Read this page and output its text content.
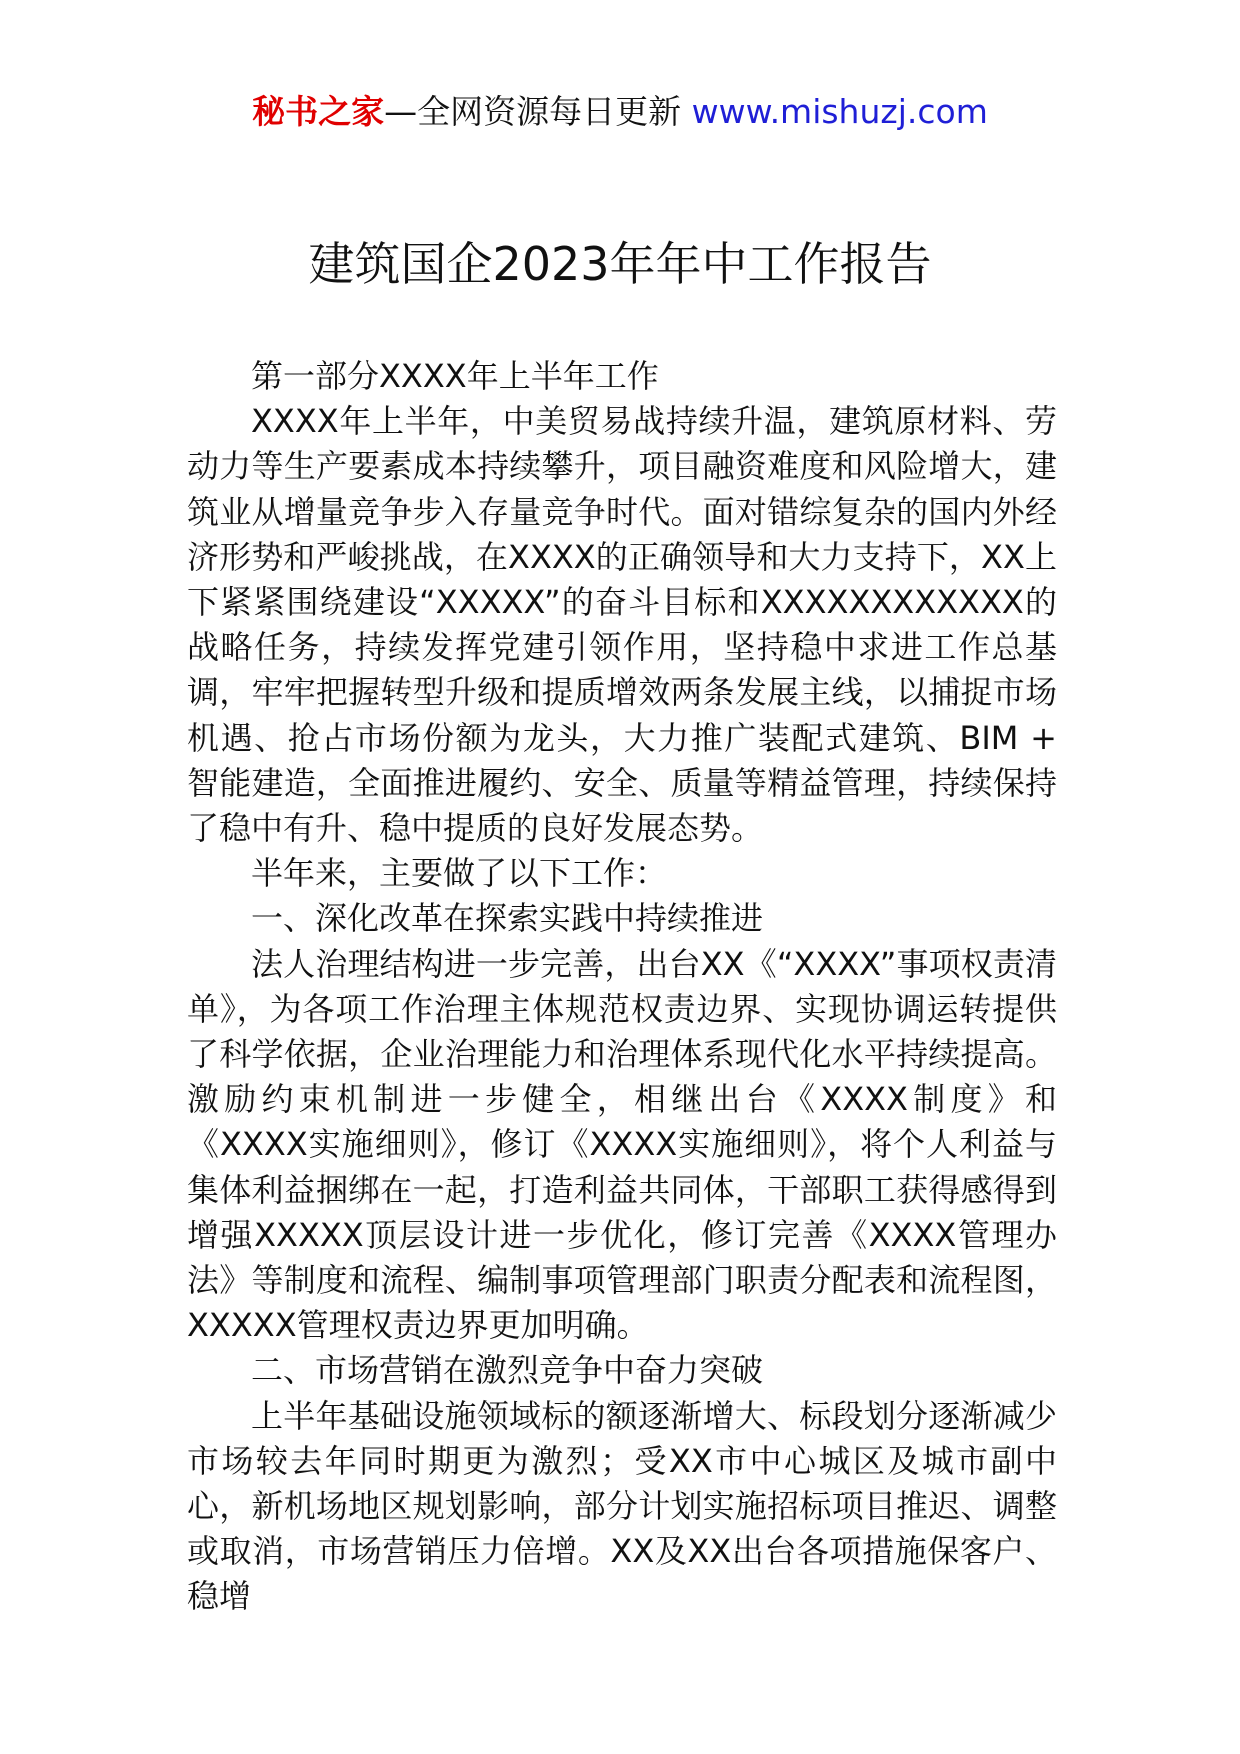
秘书之家—全网资源每日更新 www.mishuzj.com
建筑国企2023年年中工作报告

第一部分XXXX年上半年工作

XXXX年上半年，中美贸易战持续升温，建筑原材料、劳动力等生产要素成本持续攀升，项目融资难度和风险增大，建筑业从增量竞争步入存量竞争时代。面对错综复杂的国内外经济形势和严峻挑战，在XXXX的正确领导和大力支持下，XX上下紧紧围绕建设“XXXXX”的奋斗目标和XXXXXXXXXXXX的战略任务，持续发挥党建引领作用，坚持稳中求进工作总基调，牢牢把握转型升级和提质增效两条发展主线，以捕捉市场机遇、抢占市场份额为龙头，大力推广装配式建筑、BIM + 智能建造，全面推进履约、安全、质量等精益管理，持续保持了稳中有升、稳中提质的良好发展态势。

半年来，主要做了以下工作：

一、深化改革在探索实践中持续推进

法人治理结构进一步完善，出台XX《“XXXX”事项权责清单》，为各项工作治理主体规范权责边界、实现协调运转提供了科学依据，企业治理能力和治理体系现代化水平持续提高。激励约束机制进一步健全，相继出台《XXXX制度》和《XXXX实施细则》，修订《XXXX实施细则》，将个人利益与集体利益捆绑在一起，打造利益共同体，干部职工获得感得到增强XXXXX顶层设计进一步优化，修订完善《XXXX管理办法》等制度和流程、编制事项管理部门职责分配表和流程图，XXXXX管理权责边界更加明确。

二、市场营销在激烈竞争中奋力突破

上半年基础设施领域标的额逐渐增大、标段划分逐渐减少市场较去年同时期更为激烈；受XX市中心城区及城市副中心，新机场地区规划影响，部分计划实施招标项目推迟、调整或取消，市场营销压力倍增。XX及XX出台各项措施保客户、稳增
